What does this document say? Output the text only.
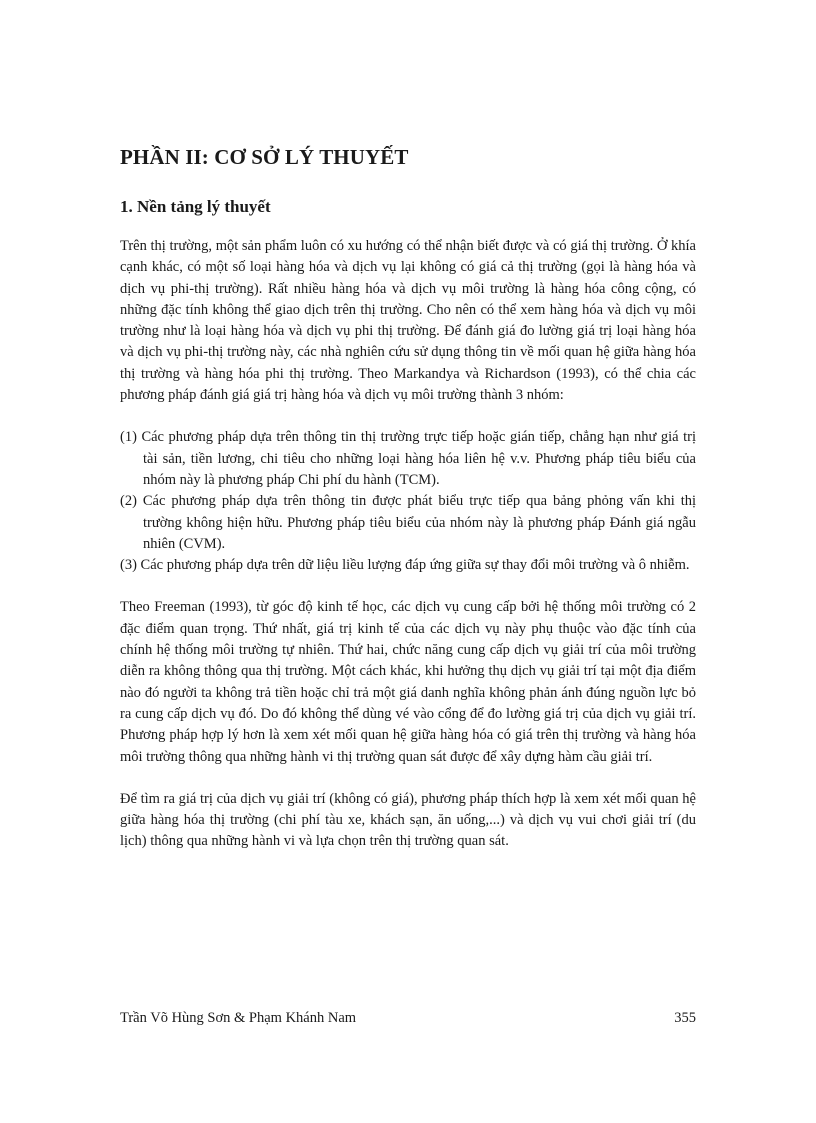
PHẦN II: CƠ SỞ LÝ THUYẾT
1. Nền tảng lý thuyết

Trên thị trường, một sản phẩm luôn có xu hướng có thể nhận biết được và có giá thị trường. Ở khía cạnh khác, có một số loại hàng hóa và dịch vụ lại không có giá cả thị trường (gọi là hàng hóa và dịch vụ phi-thị trường). Rất nhiều hàng hóa và dịch vụ môi trường là hàng hóa công cộng, có những đặc tính không thể giao dịch trên thị trường. Cho nên có thể xem hàng hóa và dịch vụ môi trường như là loại hàng hóa và dịch vụ phi thị trường. Để đánh giá đo lường giá trị loại hàng hóa và dịch vụ phi-thị trường này, các nhà nghiên cứu sử dụng thông tin về mối quan hệ giữa hàng hóa thị trường và hàng hóa phi thị trường. Theo Markandya và Richardson (1993), có thể chia các phương pháp đánh giá giá trị hàng hóa và dịch vụ môi trường thành 3 nhóm:

(1) Các phương pháp dựa trên thông tin thị trường trực tiếp hoặc gián tiếp, chẳng hạn như giá trị tài sản, tiền lương, chi tiêu cho những loại hàng hóa liên hệ v.v. Phương pháp tiêu biểu của nhóm này là phương pháp Chi phí du hành (TCM).
(2) Các phương pháp dựa trên thông tin được phát biểu trực tiếp qua bảng phỏng vấn khi thị trường không hiện hữu. Phương pháp tiêu biểu của nhóm này là phương pháp Đánh giá ngẫu nhiên (CVM).
(3) Các phương pháp dựa trên dữ liệu liều lượng đáp ứng giữa sự thay đổi môi trường và ô nhiễm.

Theo Freeman (1993), từ góc độ kinh tế học, các dịch vụ cung cấp bởi hệ thống môi trường có 2 đặc điểm quan trọng. Thứ nhất, giá trị kinh tế của các dịch vụ này phụ thuộc vào đặc tính của chính hệ thống môi trường tự nhiên. Thứ hai, chức năng cung cấp dịch vụ giải trí của môi trường diễn ra không thông qua thị trường. Một cách khác, khi hưởng thụ dịch vụ giải trí tại một địa điểm nào đó người ta không trả tiền hoặc chỉ trả một giá danh nghĩa không phản ánh đúng nguồn lực bỏ ra cung cấp dịch vụ đó. Do đó không thể dùng vé vào cổng để đo lường giá trị của dịch vụ giải trí. Phương pháp hợp lý hơn là xem xét mối quan hệ giữa hàng hóa có giá trên thị trường và hàng hóa môi trường thông qua những hành vi thị trường quan sát được để xây dựng hàm cầu giải trí.

Để tìm ra giá trị của dịch vụ giải trí (không có giá), phương pháp thích hợp là xem xét mối quan hệ giữa hàng hóa thị trường (chi phí tàu xe, khách sạn, ăn uống,...) và dịch vụ vui chơi giải trí (du lịch) thông qua những hành vi và lựa chọn trên thị trường quan sát.

Trần Võ Hùng Sơn & Phạm Khánh Nam	355
